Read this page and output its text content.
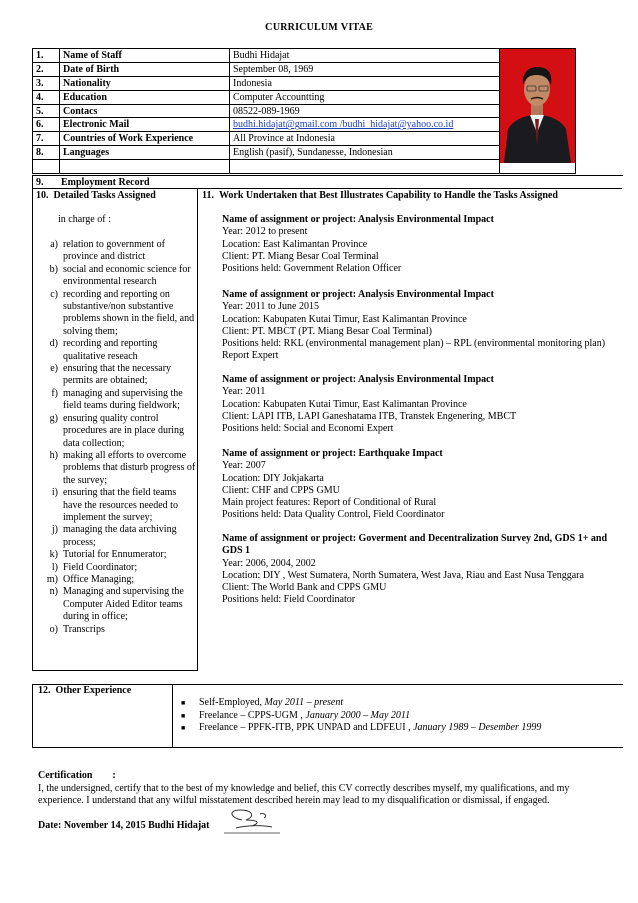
CURRICULUM VITAE
1.	Name of Staff	Budhi Hidajat	

2.	Date of Birth	September 08, 1969	
3.	Nationality	Indonesia	
4.	Education	Computer Accountting	
5.	Contacs	08522-089-1969	
6.	Electronic Mail	budhi.hidajat@gmail.com /budhi_hidajat@yahoo.co.id	
7.	Countries of Work Experience	All Province at Indonesia	
8.	Languages	English (pasif), Sundanesse, Indonesian	

9.       Employment Record
10.  Detailed Tasks Assigned	11.  Work Undertaken that Best Illustrates Capability to Handle the Tasks Assigned
in charge of :
a) relation to government of province and district
b) social and economic science for environmental research
c) recording and reporting on substantive/non substantive problems shown in the field, and solving them;
d) recording and reporting qualitative reseach
e) ensuring that the necessary permits are obtained;
f) managing and supervising the field teams during fieldwork;
g) ensuring quality control procedures are in place during data collection;
h) making all efforts to overcome problems that disturb progress of the survey;
i) ensuring that the field teams have the resources needed to implement the survey;
j) managing the data archiving process;
k) Tutorial for Ennumerator;
l) Field Coordinator;
m) Office Managing;
n) Managing and supervising the Computer Aided Editor teams during in office;
o) Transcrips
Name of assignment or project: Analysis Environmental Impact
Year: 2012 to present
Location: East Kalimantan Province
Client: PT. Miang Besar Coal Terminal
Positions held: Government Relation Officer
Name of assignment or project: Analysis Environmental Impact
Year: 2011 to June 2015
Location: Kabupaten Kutai Timur, East Kalimantan Province
Client: PT. MBCT (PT. Miang Besar Coal Terminal)
Positions held: RKL (environmental management plan) – RPL (environmental monitoring plan) Report Expert
Name of assignment or project: Analysis Environmental Impact
Year: 2011
Location: Kabupaten Kutai Timur, East Kalimantan Province
Client: LAPI ITB, LAPI Ganeshatama ITB, Transtek Engenering, MBCT
Positions held: Social and Economi Expert
Name of assignment or project: Earthquake Impact
Year: 2007
Location: DIY Jokjakarta
Client: CHF and CPPS GMU
Main project features: Report of Conditional of Rural
Positions held: Data Quality Control, Field Coordinator
Name of assignment or project: Goverment and Decentralization Survey 2nd, GDS 1+ and GDS 1
Year: 2006, 2004, 2002
Location: DIY , West Sumatera, North Sumatera, West Java, Riau and East Nusa Tenggara
Client: The World Bank and CPPS GMU
Positions held: Field Coordinator
12.  Other Experience
■	Self-Employed, May 2011 – present
■	Freelance – CPPS-UGM , January 2000 – May 2011
■	Freelance – PPFK-ITB, PPK UNPAD and LDFEUI , January 1989 – Desember 1999
Certification        :
I, the undersigned, certify that to the best of my knowledge and belief, this CV correctly describes myself, my qualifications, and my experience. I understand that any wilful misstatement described herein may lead to my disqualification or dismissal, if engaged.
Date: November 14, 2015 Budhi Hidajat
